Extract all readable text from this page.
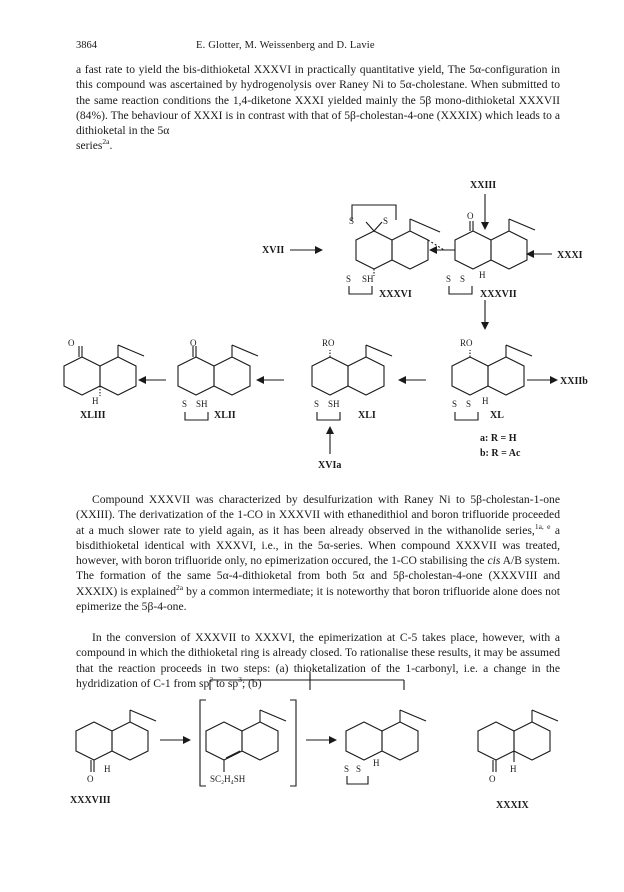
3864	E. Glotter, M. Weissenberg and D. Lavie

a fast rate to yield the bis-dithioketal XXXVI in practically quantitative yield, The 5α-configuration in this compound was ascertained by hydrogenolysis over Raney Ni to 5α-cholestane. When submitted to the same reaction conditions the 1,4-diketone XXXI yielded mainly the 5β mono-dithioketal XXXVII (84%). The behaviour of XXXI is in contrast with that of 5β-cholestan-4-one (XXXIX) which leads to a dithioketal in the 5α
series$^{2a}$.

XXIII
S	S
S SH
XXXVI
XVII
O
S S H
XXXVII
XXXI
O
H
XLIII
O
S SH
XLII
RO
S SH
XLI
XVIa
RO
S S H
XL
XXIIb
a: R = H
b: R = Ac
O
H
XXXVIII
SC₂H₄SH
S S
H
O
H
XXXIX

Compound XXXVII was characterized by desulfurization with Raney Ni to 5β-cholestan-1-one (XXIII). The derivatization of the 1-CO in XXXVII with ethanedithiol and boron trifluoride proceeded at a much slower rate to yield again, as it has been already observed in the withanolide series,$^{1a, e}$ a bisdithioketal identical with XXXVI, i.e., in the 5α-series. When compound XXXVII was treated, however, with boron trifluoride only, no epimerization occured, the 1-CO stabilising the cis A/B system. The formation of the same 5α-4-dithioketal from both 5α and 5β-cholestan-4-one (XXXVIII and XXXIX) is explained$^{2a}$ by a common intermediate; it is noteworthy that boron trifluoride alone does not epimerize the 5β-4-one.

In the conversion of XXXVII to XXXVI, the epimerization at C-5 takes place, however, with a compound in which the dithioketal ring is already closed. To rationalise these results, it may be assumed that the reaction proceeds in two steps: (a) thioketalization of the 1-carbonyl, i.e. a change in the hydridization of C-1 from $sp^2$ to $sp^3$; (b)
